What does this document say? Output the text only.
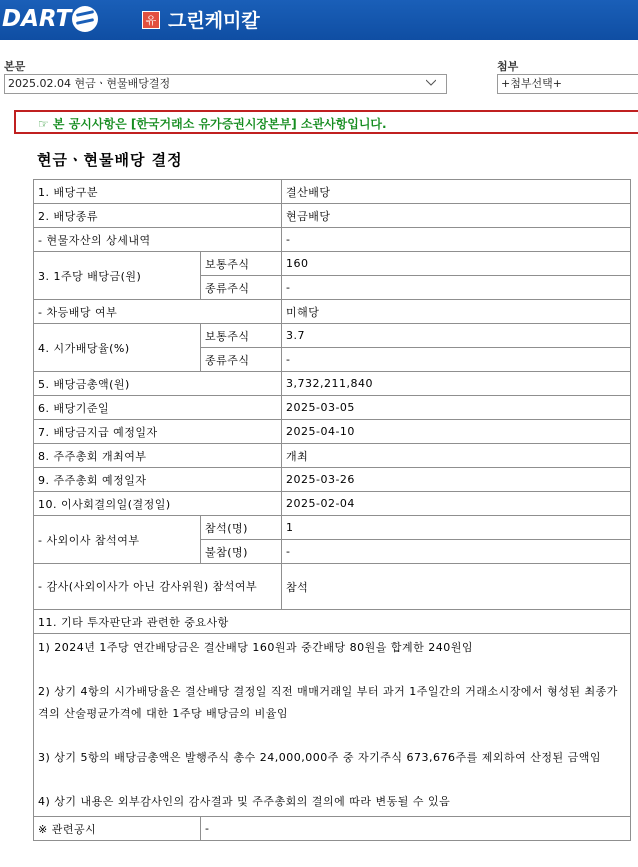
DART	유 그린케미칼
본문
2025.02.04 현금ㆍ현물배당결정
첨부
+첨부선택+
☞ 본 공시사항은 [한국거래소 유가증권시장본부] 소관사항입니다.
현금ㆍ현물배당 결정
1. 배당구분		결산배당
2. 배당종류		현금배당
- 현물자산의 상세내역		-
3. 1주당 배당금(원)	보통주식	160
	종류주식	-
- 차등배당 여부		미해당
4. 시가배당율(%)	보통주식	3.7
	종류주식	-
5. 배당금총액(원)		3,732,211,840
6. 배당기준일		2025-03-05
7. 배당금지급 예정일자		2025-04-10
8. 주주총회 개최여부		개최
9. 주주총회 예정일자		2025-03-26
10. 이사회결의일(결정일)		2025-02-04
- 사외이사 참석여부	참석(명)	1
	불참(명)	-
- 감사(사외이사가 아닌 감사위원) 참석여부		참석
11. 기타 투자판단과 관련한 중요사항		

1) 2024년 1주당 연간배당금은 결산배당 160원과 중간배당 80원을 합계한 240원임

2) 상기 4항의 시가배당율은 결산배당 결정일 직전 매매거래일 부터 과거 1주일간의 거래소시장에서 형성된 최종가격의 산술평균가격에 대한 1주당 배당금의 비율임

3) 상기 5항의 배당금총액은 발행주식 총수 24,000,000주 중 자기주식 673,676주를 제외하여 산정된 금액임

4) 상기 내용은 외부감사인의 감사결과 및 주주총회의 결의에 따라 변동될 수 있음		

※ 관련공시	-	
